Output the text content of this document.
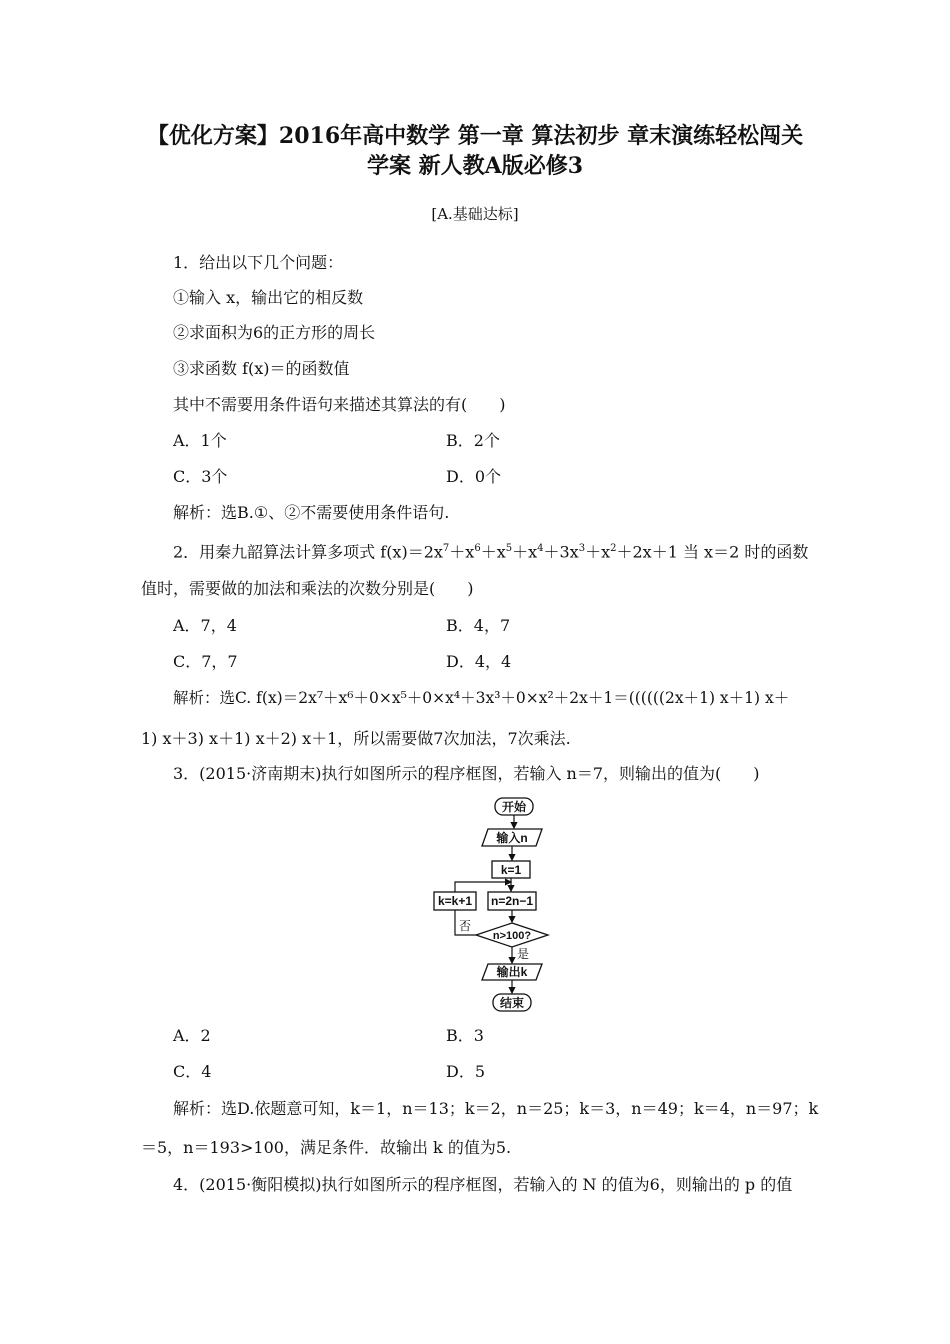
【优化方案】2016年高中数学 第一章 算法初步 章末演练轻松闯关
学案 新人教A版必修3
[A.基础达标]
1．给出以下几个问题：
①输入 x，输出它的相反数
②求面积为6的正方形的周长
③求函数 f(x)＝的函数值
其中不需要用条件语句来描述其算法的有(　　)
A．1个	B．2个
C．3个	D．0个
解析：选B.①、②不需要使用条件语句.
2．用秦九韶算法计算多项式 $f(x)=2x^7+x^6+x^5+x^4+3x^3+x^2+2x+1$ 当 x＝2 时的函数
值时，需要做的加法和乘法的次数分别是(　　)
A．7，4	B．4，7
C．7，7	D．4，4
解析：选C. f(x)＝2x⁷＋x⁶＋0×x⁵＋0×x⁴＋3x³＋0×x²＋2x＋1＝((((((2x＋1) x＋1) x＋
1) x＋3) x＋1) x＋2) x＋1，所以需要做7次加法，7次乘法.
3．(2015·济南期末)执行如图所示的程序框图，若输入 n＝7，则输出的值为(　　)
开始
输入n
k=1
n=2n−1
n>100?
否
k=k+1
是
输出k
结束
A．2	B．3
C．4	D．5
解析：选D.依题意可知，k＝1，n＝13；k＝2，n＝25；k＝3，n＝49；k＝4，n＝97；k
＝5，n＝193>100，满足条件．故输出 k 的值为5.
4．(2015·衡阳模拟)执行如图所示的程序框图，若输入的 N 的值为6，则输出的 p 的值
